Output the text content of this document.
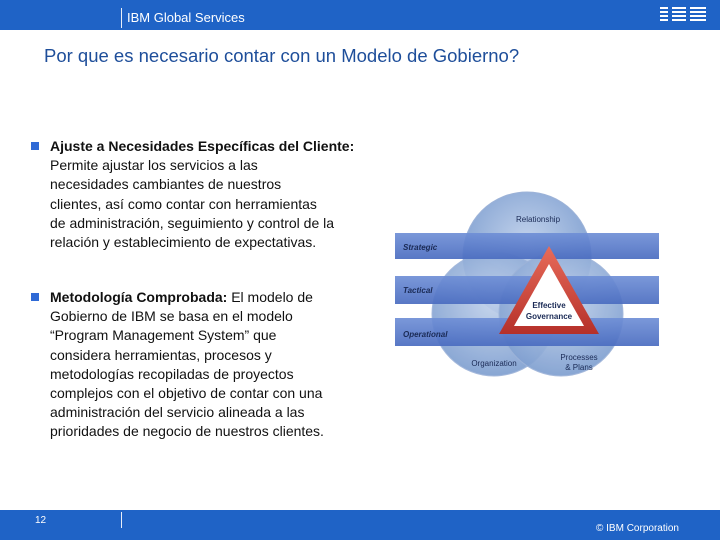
IBM Global Services
Por que es necesario contar con un Modelo de Gobierno?
Relationship
Strategic
Tactical
Operational
Effective
Governance
Organization
Processes
& Plans
12
© IBM Corporation
Ajuste a Necesidades Específicas del Cliente: Permite ajustar los servicios a las
necesidades cambiantes de nuestros
clientes, así como contar con herramientas
de administración, seguimiento y control de la
relación y establecimiento de expectativas.
Metodología Comprobada: El modelo de
Gobierno de IBM se basa en el modelo
“Program Management System” que
considera herramientas, procesos y
metodologías recopiladas de proyectos
complejos con el objetivo de contar con una
administración del servicio alineada a las
prioridades de negocio de nuestros clientes.
